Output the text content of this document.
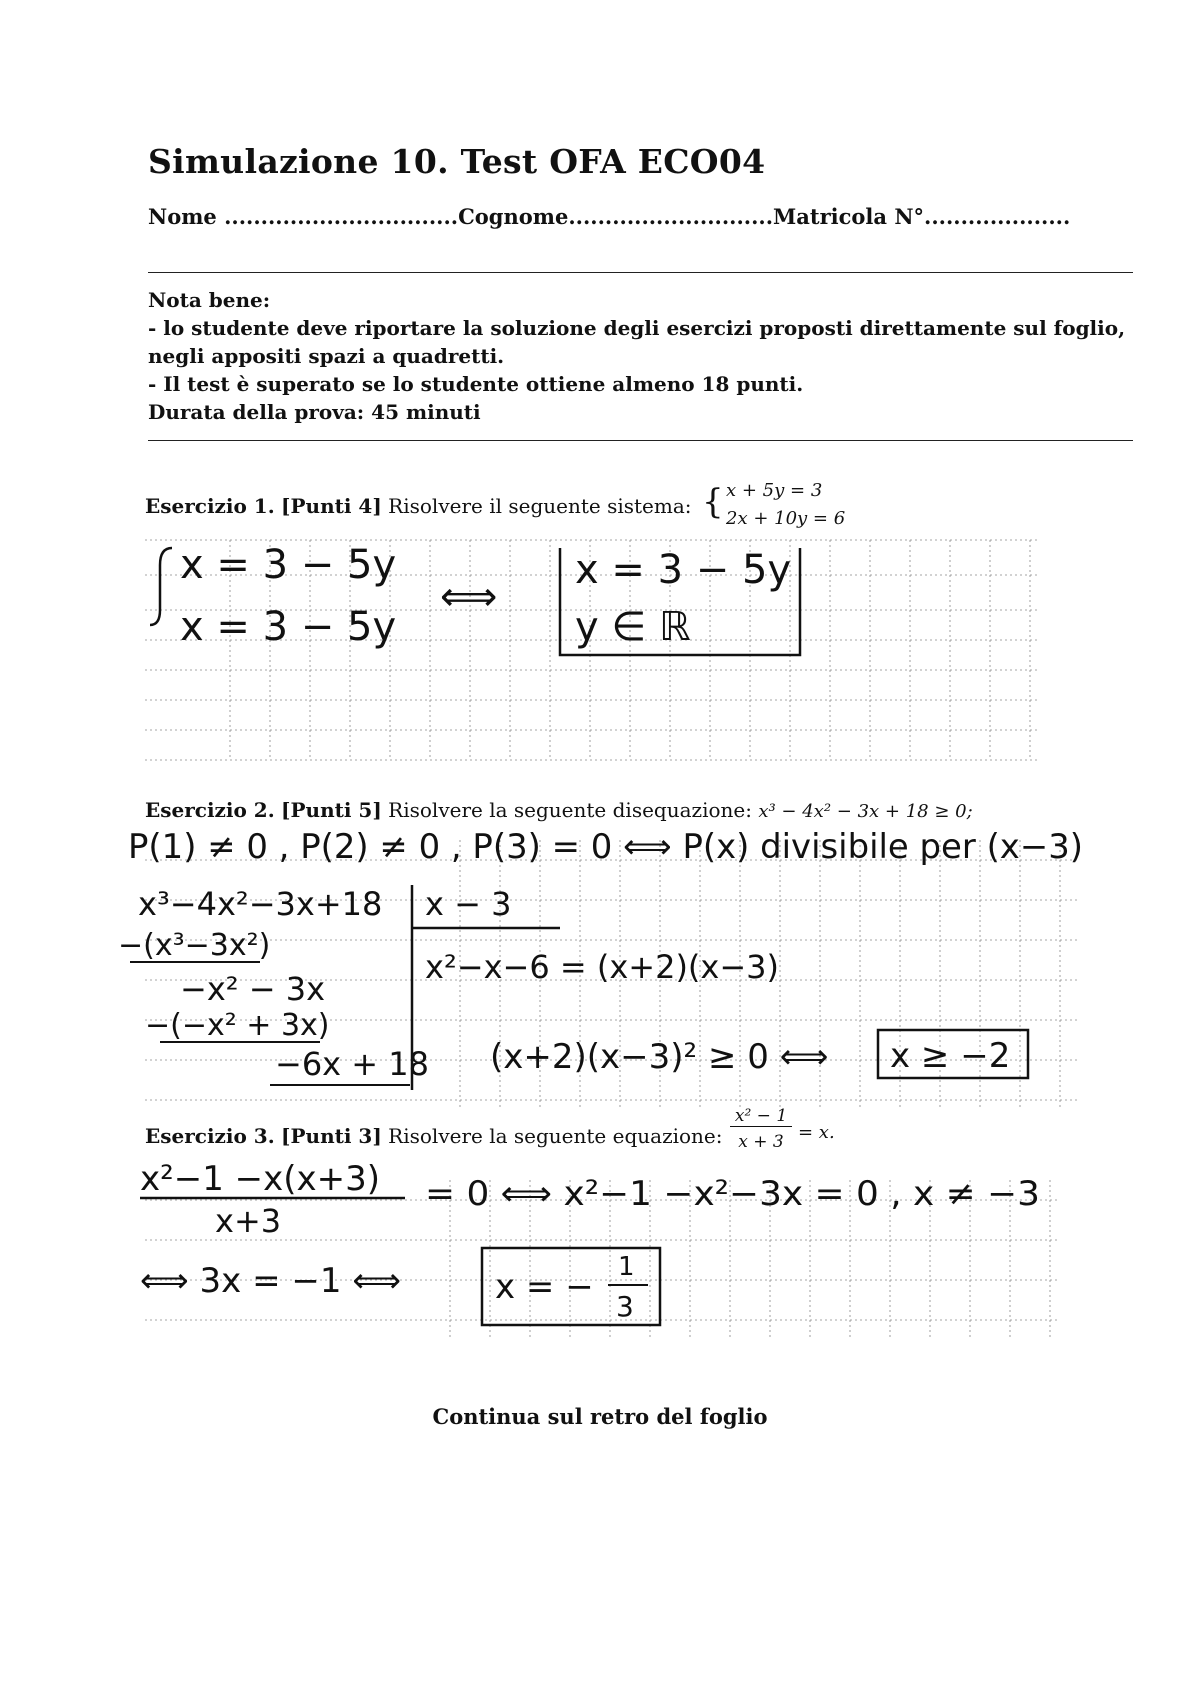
Simulazione 10. Test OFA ECO04
Nome ................................Cognome............................Matricola N°....................
Nota bene:
- lo studente deve riportare la soluzione degli esercizi proposti direttamente sul foglio,
negli appositi spazi a quadretti.
- Il test è superato se lo studente ottiene almeno 18 punti.
Durata della prova: 45 minuti
Esercizio 1. [Punti 4] Risolvere il seguente sistema: { x + 5y = 3
2x + 10y = 6
Esercizio 2. [Punti 5] Risolvere la seguente disequazione: x³ − 4x² − 3x + 18 ≥ 0;
Esercizio 3. [Punti 3] Risolvere la seguente equazione:
x² − 1
x + 3 = x.
x = 3 − 5y
x = 3 − 5y
⟺
x = 3 − 5y
y ∈ ℝ
P(1) ≠ 0 , P(2) ≠ 0 , P(3) = 0 ⟺ P(x) divisibile per (x−3)
x³−4x²−3x+18
−(x³−3x²)
−x² − 3x
−(−x² + 3x)
−6x + 18
x − 3
x²−x−6 = (x+2)(x−3)
(x+2)(x−3)² ≥ 0 ⟺ x ≥ −2
x²−1 −x(x+3)
x+3
= 0 ⟺ x²−1 −x²−3x = 0 , x ≠ −3
⟺ 3x = −1 ⟺	x = − 1
3
Continua sul retro del foglio
